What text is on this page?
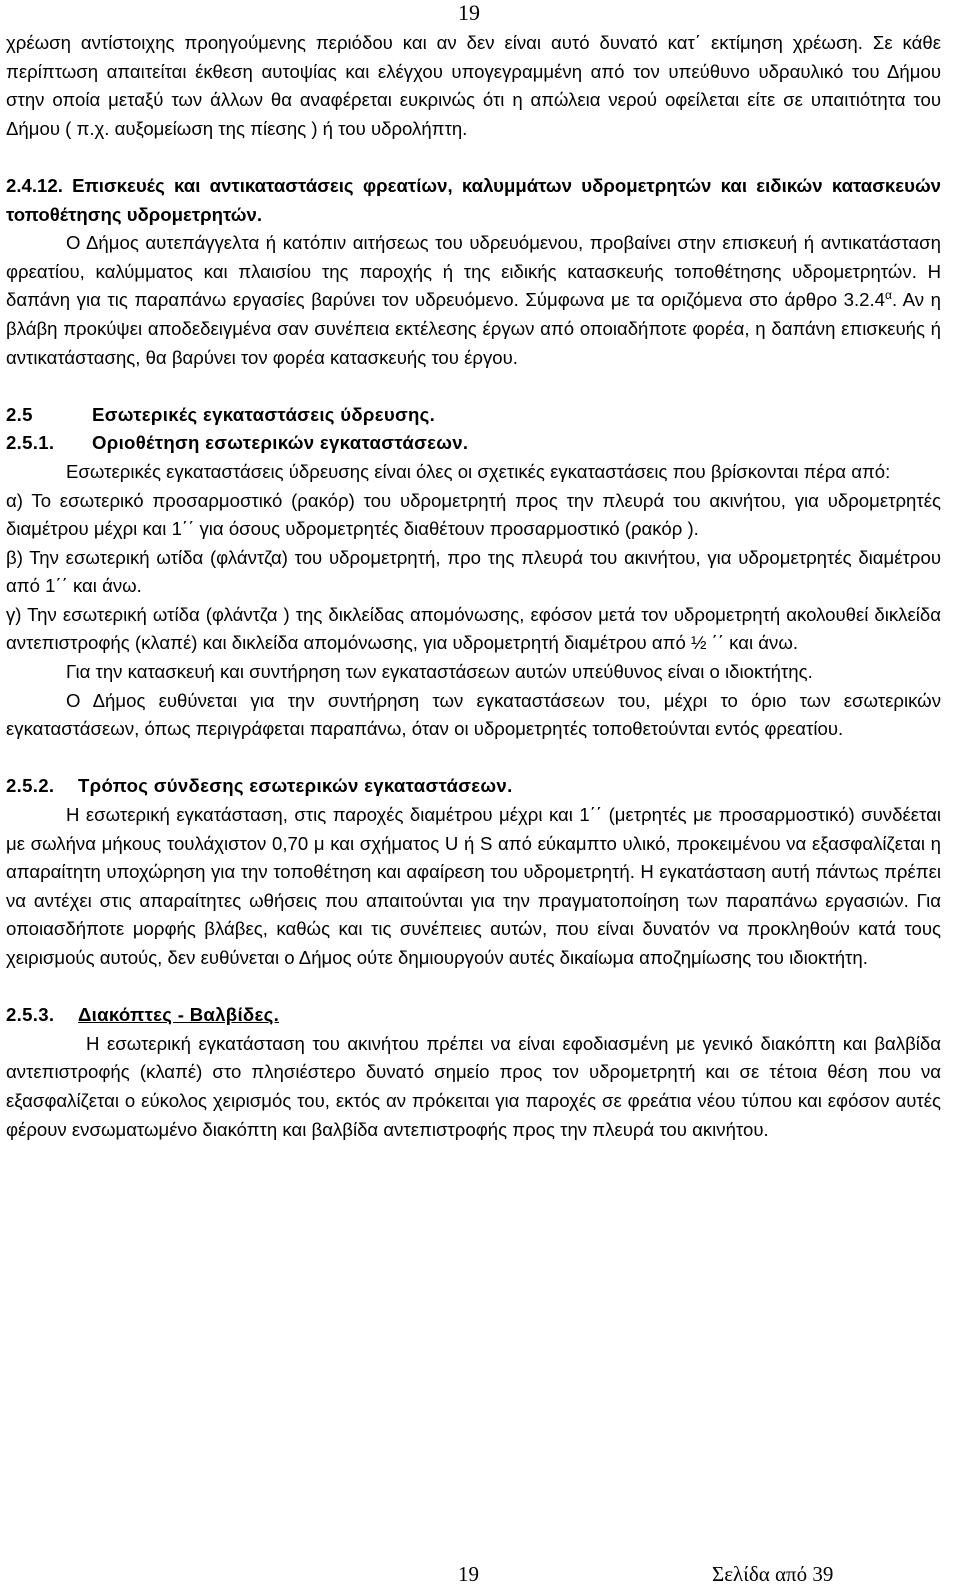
19

χρέωση αντίστοιχης προηγούμενης περιόδου και αν δεν είναι αυτό δυνατό κατ΄ εκτίμηση χρέωση. Σε κάθε περίπτωση απαιτείται έκθεση αυτοψίας και ελέγχου υπογεγραμμένη από τον υπεύθυνο υδραυλικό του Δήμου στην οποία μεταξύ των άλλων θα αναφέρεται ευκρινώς ότι η απώλεια νερού οφείλεται είτε σε υπαιτιότητα του Δήμου ( π.χ. αυξομείωση της πίεσης ) ή του υδρολήπτη.

2.4.12. Επισκευές και αντικαταστάσεις φρεατίων, καλυμμάτων υδρομετρητών και ειδικών κατασκευών τοποθέτησης υδρομετρητών.

Ο Δήμος αυτεπάγγελτα ή κατόπιν αιτήσεως του υδρευόμενου, προβαίνει στην επισκευή ή αντικατάσταση φρεατίου, καλύμματος και πλαισίου της παροχής ή της ειδικής κατασκευής τοποθέτησης υδρομετρητών. Η δαπάνη για τις παραπάνω εργασίες βαρύνει τον υδρευόμενο. Σύμφωνα με τα οριζόμενα στο άρθρο $3.2.4^\alpha$. Αν η βλάβη προκύψει αποδεδειγμένα σαν συνέπεια εκτέλεσης έργων από οποιαδήποτε φορέα, η δαπάνη επισκευής ή αντικατάστασης, θα βαρύνει τον φορέα κατασκευής του έργου.

2.5	Εσωτερικές εγκαταστάσεις ύδρευσης.

2.5.1. Οριοθέτηση εσωτερικών εγκαταστάσεων.

Εσωτερικές εγκαταστάσεις ύδρευσης είναι όλες οι σχετικές εγκαταστάσεις που βρίσκονται πέρα από:

α) Το εσωτερικό προσαρμοστικό (ρακόρ) του υδρομετρητή προς την πλευρά του ακινήτου, για υδρομετρητές διαμέτρου μέχρι και 1΄΄ για όσους υδρομετρητές διαθέτουν προσαρμοστικό (ρακόρ ).

β) Την εσωτερική ωτίδα (φλάντζα) του υδρομετρητή, προ της πλευρά του ακινήτου, για υδρομετρητές διαμέτρου από 1΄΄ και άνω.

γ) Την εσωτερική ωτίδα (φλάντζα ) της δικλείδας απομόνωσης, εφόσον μετά τον υδρομετρητή ακολουθεί δικλείδα αντεπιστροφής (κλαπέ) και δικλείδα απομόνωσης, για υδρομετρητή διαμέτρου από ½ ΄΄ και άνω.

Για την κατασκευή και συντήρηση των εγκαταστάσεων αυτών υπεύθυνος είναι ο ιδιοκτήτης.

Ο Δήμος ευθύνεται για την συντήρηση των εγκαταστάσεων του, μέχρι το όριο των εσωτερικών εγκαταστάσεων, όπως περιγράφεται παραπάνω, όταν οι υδρομετρητές τοποθετούνται εντός φρεατίου.

2.5.2. Τρόπος σύνδεσης εσωτερικών εγκαταστάσεων.

Η εσωτερική εγκατάσταση, στις παροχές διαμέτρου μέχρι και 1΄΄ (μετρητές με προσαρμοστικό) συνδέεται με σωλήνα μήκους τουλάχιστον 0,70 μ και σχήματος U ή S από εύκαμπτο υλικό, προκειμένου να εξασφαλίζεται η απαραίτητη υποχώρηση για την τοποθέτηση και αφαίρεση του υδρομετρητή. Η εγκατάσταση αυτή πάντως πρέπει να αντέχει στις απαραίτητες ωθήσεις που απαιτούνται για την πραγματοποίηση των παραπάνω εργασιών. Για οποιασδήποτε μορφής βλάβες, καθώς και τις συνέπειες αυτών, που είναι δυνατόν να προκληθούν κατά τους χειρισμούς αυτούς, δεν ευθύνεται ο Δήμος ούτε δημιουργούν αυτές δικαίωμα αποζημίωσης του ιδιοκτήτη.

2.5.3. Διακόπτες - Βαλβίδες.

Η εσωτερική εγκατάσταση του ακινήτου πρέπει να είναι εφοδιασμένη με γενικό διακόπτη και βαλβίδα αντεπιστροφής (κλαπέ) στο πλησιέστερο δυνατό σημείο προς τον υδρομετρητή και σε τέτοια θέση που να εξασφαλίζεται ο εύκολος χειρισμός του, εκτός αν πρόκειται για παροχές σε φρεάτια νέου τύπου και εφόσον αυτές φέρουν ενσωματωμένο διακόπτη και βαλβίδα αντεπιστροφής προς την πλευρά του ακινήτου.

19	Σελίδα από 39
